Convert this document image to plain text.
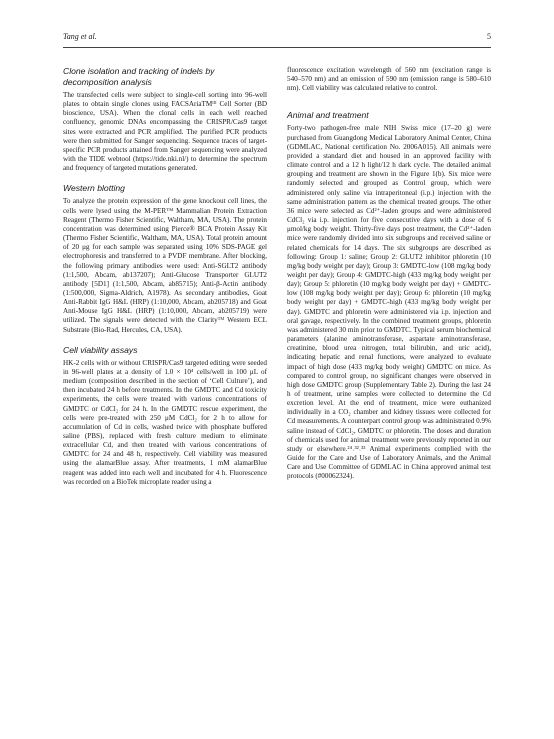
Tang et al.	5
Clone isolation and tracking of indels by decomposition analysis

The transfected cells were subject to single-cell sorting into 96-well plates to obtain single clones using FACSAriaTMᴵᴵᴵ Cell Sorter (BD bioscience, USA). When the clonal cells in each well reached confluency, genomic DNAs encompassing the CRISPR/Cas9 target sites were extracted and PCR amplified. The purified PCR products were then submitted for Sanger sequencing. Sequence traces of target-specific PCR products attained from Sanger sequencing were analyzed with the TIDE webtool (https://tide.nki.nl/) to determine the spectrum and frequency of targeted mutations generated.

Western blotting

To analyze the protein expression of the gene knockout cell lines, the cells were lysed using the M-PER™ Mammalian Protein Extraction Reagent (Thermo Fisher Scientific, Waltham, MA, USA). The protein concentration was determined using Pierce® BCA Protein Assay Kit (Thermo Fisher Scientific, Waltham, MA, USA). Total protein amount of 20 μg for each sample was separated using 10% SDS-PAGE gel electrophoresis and transferred to a PVDF membrane. After blocking, the following primary antibodies were used: Anti-SGLT2 antibody (1:1,500, Abcam, ab137207); Anti-Glucose Transporter GLUT2 antibody [5D1] (1:1,500, Abcam, ab85715); Anti-β-Actin antibody (1:500,000, Sigma-Aldrich, A1978). As secondary antibodies, Goat Anti-Rabbit IgG H&L (HRP) (1:10,000, Abcam, ab205718) and Goat Anti-Mouse IgG H&L (HRP) (1:10,000, Abcam, ab205719) were utilized. The signals were detected with the Clarityᵀᴹ Western ECL Substrate (Bio-Rad, Hercules, CA, USA).

Cell viability assays

HK-2 cells with or without CRISPR/Cas9 targeted editing were seeded in 96-well plates at a density of 1.0 × 10⁴ cells/well in 100 μL of medium (composition described in the section of ‘Cell Culture’), and then incubated 24 h before treatments. In the GMDTC and Cd toxicity experiments, the cells were treated with various concentrations of GMDTC or CdCl₂ for 24 h. In the GMDTC rescue experiment, the cells were pre-treated with 250 μM CdCl₂ for 2 h to allow for accumulation of Cd in cells, washed twice with phosphate buffered saline (PBS), replaced with fresh culture medium to eliminate extracellular Cd, and then treated with various concentrations of GMDTC for 24 and 48 h, respectively. Cell viability was measured using the alamarBlue assay. After treatments, 1 mM alamarBlue reagent was added into each well and incubated for 4 h. Fluorescence was recorded on a BioTek microplate reader using a

fluorescence excitation wavelength of 560 nm (excitation range is 540–570 nm) and an emission of 590 nm (emission range is 580–610 nm). Cell viability was calculated relative to control.

Animal and treatment

Forty-two pathogen-free male NIH Swiss mice (17–20 g) were purchased from Guangdong Medical Laboratory Animal Center, China (GDMLAC, National certification No. 2006A015). All animals were provided a standard diet and housed in an approved facility with climate control and a 12 h light/12 h dark cycle. The detailed animal grouping and treatment are shown in the Figure 1(b). Six mice were randomly selected and grouped as Control group, which were administered only saline via intraperitoneal (i.p.) injection with the same administration pattern as the chemical treated groups. The other 36 mice were selected as Cd²⁺-laden groups and were administered CdCl₂ via i.p. injection for five consecutive days with a dose of 6 μmol/kg body weight. Thirty-five days post treatment, the Cd²⁺-laden mice were randomly divided into six subgroups and received saline or related chemicals for 14 days. The six subgroups are described as following: Group 1: saline; Group 2: GLUT2 inhibitor phloretin (10 mg/kg body weight per day); Group 3: GMDTC-low (108 mg/kg body weight per day); Group 4: GMDTC-high (433 mg/kg body weight per day); Group 5: phloretin (10 mg/kg body weight per day) + GMDTC-low (108 mg/kg body weight per day); Group 6: phloretin (10 mg/kg body weight per day) + GMDTC-high (433 mg/kg body weight per day). GMDTC and phloretin were administered via i.p. injection and oral gavage, respectively. In the combined treatment groups, phloretin was administered 30 min prior to GMDTC. Typical serum biochemical parameters (alanine aminotransferase, aspartate aminotransferase, creatinine, blood urea nitrogen, total bilirubin, and uric acid), indicating hepatic and renal functions, were analyzed to evaluate impact of high dose (433 mg/kg body weight) GMDTC on mice. As compared to control group, no significant changes were observed in high dose GMDTC group (Supplementary Table 2). During the last 24 h of treatment, urine samples were collected to determine the Cd excretion level. At the end of treatment, mice were euthanized individually in a CO₂ chamber and kidney tissues were collected for Cd measurements. A counterpart control group was administrated 0.9% saline instead of CdCl₂, GMDTC or phloretin. The doses and duration of chemicals used for animal treatment were previously reported in our study or elsewhere.²⁴˒³²˒³³ Animal experiments complied with the Guide for the Care and Use of Laboratory Animals, and the Animal Care and Use Committee of GDMLAC in China approved animal test protocols (#00062324).
